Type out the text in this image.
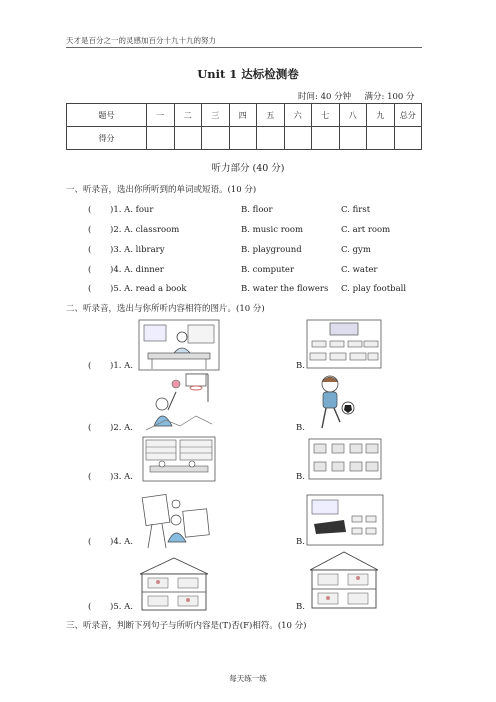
天才是百分之一的灵感加百分十九十九的努力
Unit 1 达标检测卷
时间: 40 分钟 满分: 100 分
题号	一	二	三	四	五	六	七	八	九	总分
得分										
听力部分 (40 分)
一、听录音，选出你所听到的单词或短语。(10 分)
( )1. A. four	B. floor	C. first
( )2. A. classroom	B. music room	C. art room
( )3. A. library	B. playground	C. gym
( )4. A. dinner	B. computer	C. water
( )5. A. read a book	B. water the flowers C. play football
二、听录音，选出与你所听内容相符的图片。(10 分)
( )1. A.	B.
( )2. A.	B.
( )3. A.	B.
( )4. A.	B.
( )5. A.	B.
三、听录音，判断下列句子与所听内容是(T)否(F)相符。(10 分)
每天练一练
